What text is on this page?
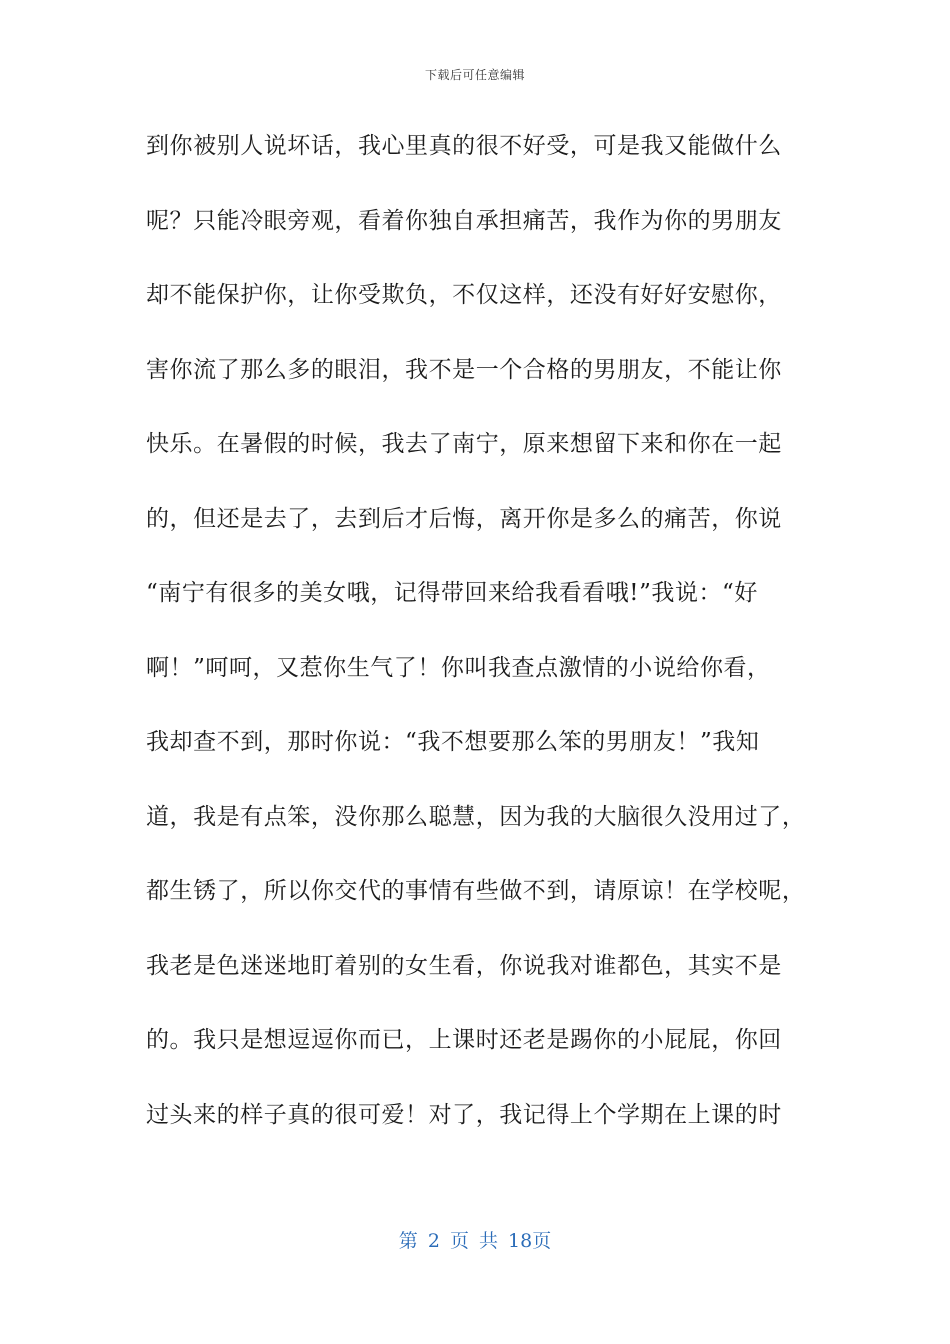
下载后可任意编辑
到你被别人说坏话，我心里真的很不好受，可是我又能做什么
呢？只能冷眼旁观，看着你独自承担痛苦，我作为你的男朋友
却不能保护你，让你受欺负，不仅这样，还没有好好安慰你，
害你流了那么多的眼泪，我不是一个合格的男朋友，不能让你
快乐。在暑假的时候，我去了南宁，原来想留下来和你在一起
的，但还是去了，去到后才后悔，离开你是多么的痛苦，你说
“南宁有很多的美女哦，记得带回来给我看看哦!”我说：“好
啊！”呵呵，又惹你生气了！你叫我查点激情的小说给你看，
我却查不到，那时你说：“我不想要那么笨的男朋友！”我知
道，我是有点笨，没你那么聪慧，因为我的大脑很久没用过了，
都生锈了，所以你交代的事情有些做不到，请原谅！在学校呢，
我老是色迷迷地盯着别的女生看，你说我对谁都色，其实不是
的。我只是想逗逗你而已，上课时还老是踢你的小屁屁，你回
过头来的样子真的很可爱！对了，我记得上个学期在上课的时
第 2 页 共 18页
